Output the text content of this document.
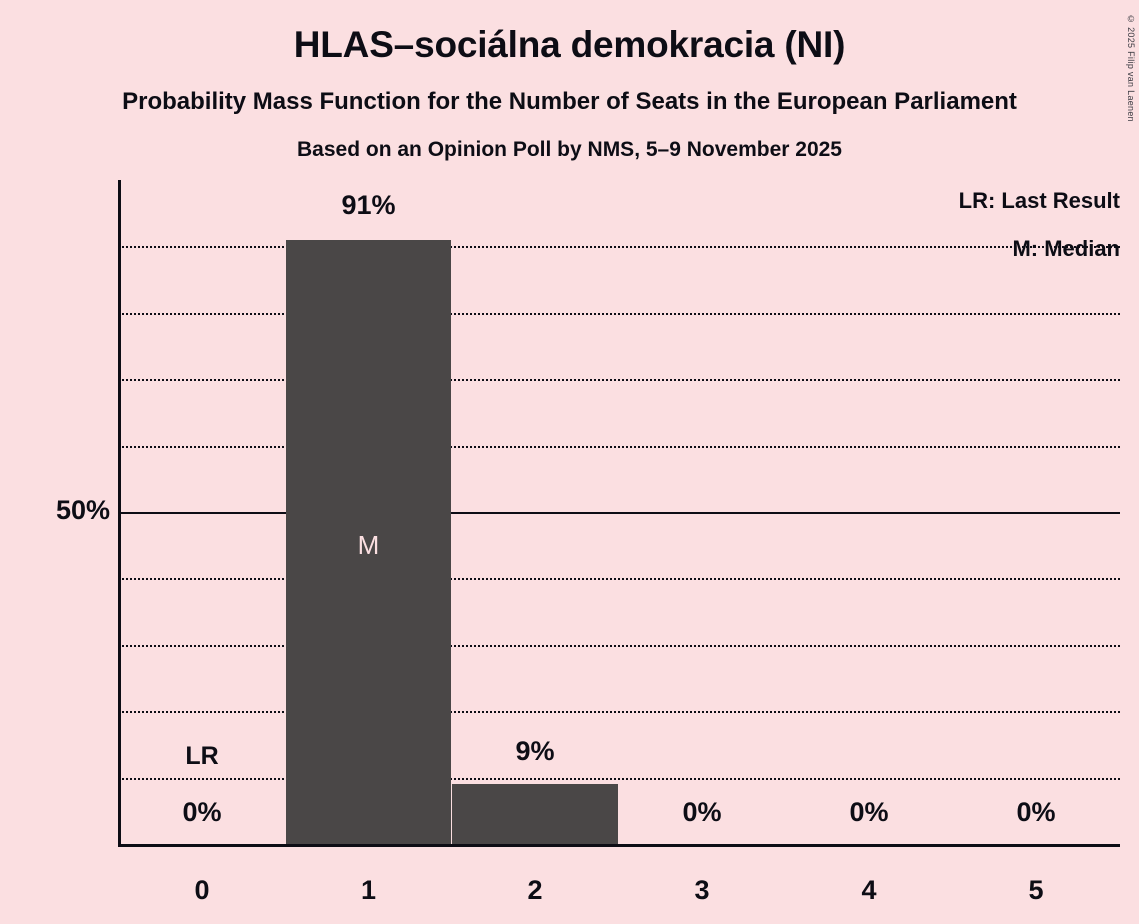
HLAS–sociálna demokracia (NI)
Probability Mass Function for the Number of Seats in the European Parliament
Based on an Opinion Poll by NMS, 5–9 November 2025
© 2025 Filip van Laenen
50%
0%
91%
9%
0%	0%	0%
M
LR
LR: Last Result
M: Median
0	1	2	3	4	5
